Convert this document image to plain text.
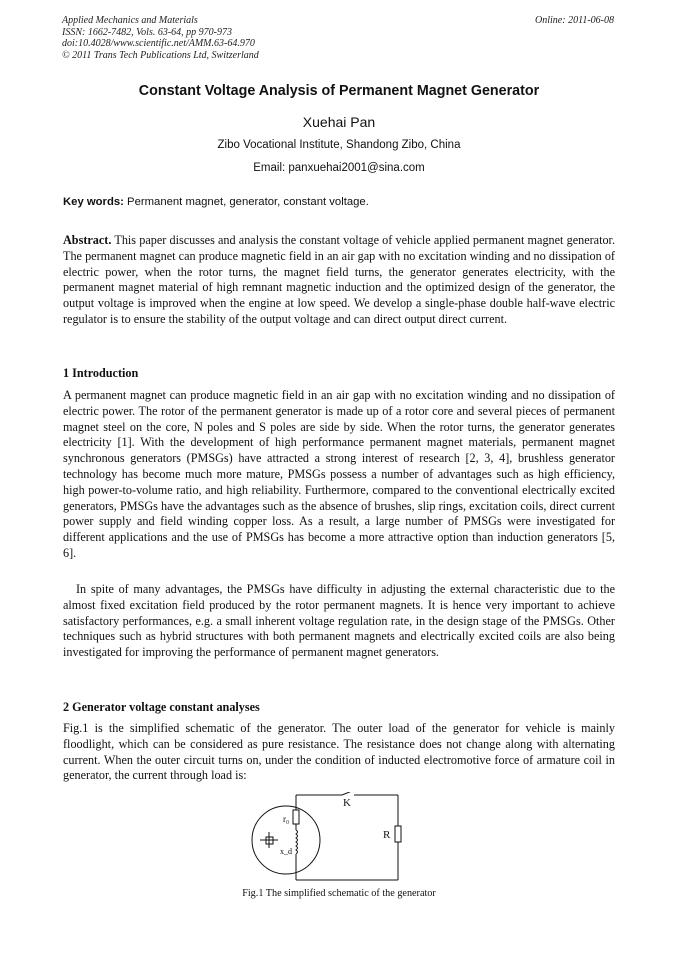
Applied Mechanics and Materials
ISSN: 1662-7482, Vols. 63-64, pp 970-973
doi:10.4028/www.scientific.net/AMM.63-64.970
© 2011 Trans Tech Publications Ltd, Switzerland
Online: 2011-06-08
Constant Voltage Analysis of Permanent Magnet Generator
Xuehai Pan
Zibo Vocational Institute, Shandong Zibo, China
Email: panxuehai2001@sina.com
Key words: Permanent magnet, generator, constant voltage.

Abstract. This paper discusses and analysis the constant voltage of vehicle applied permanent magnet generator. The permanent magnet can produce magnetic field in an air gap with no excitation winding and no dissipation of electric power, when the rotor turns, the magnet field turns, the generator generates electricity, with the permanent magnet material of high remnant magnetic induction and the optimized design of the generator, the output voltage is improved when the engine at low speed. We develop a single-phase double half-wave electric regulator is to ensure the stability of the output voltage and can direct output direct current.

1 Introduction

A permanent magnet can produce magnetic field in an air gap with no excitation winding and no dissipation of electric power. The rotor of the permanent generator is made up of a rotor core and several pieces of permanent magnet steel on the core, N poles and S poles are side by side. When the rotor turns, the generator generates electricity [1]. With the development of high performance permanent magnet materials, permanent magnet synchronous generators (PMSGs) have attracted a strong interest of research [2, 3, 4], brushless generator technology has become much more mature, PMSGs possess a number of advantages such as high efficiency, high power-to-volume ratio, and high reliability. Furthermore, compared to the conventional electrically excited generators, PMSGs have the advantages such as the absence of brushes, slip rings, excitation coils, direct current power supply and field winding copper loss. As a result, a large number of PMSGs were investigated for different applications and the use of PMSGs has become a more attractive option than induction generators [5, 6].

In spite of many advantages, the PMSGs have difficulty in adjusting the external characteristic due to the almost fixed excitation field produced by the rotor permanent magnets. It is hence very important to achieve satisfactory performances, e.g. a small inherent voltage regulation rate, in the design stage of the PMSGs. Other techniques such as hybrid structures with both permanent magnets and electrically excited coils are also being investigated for improving the performance of permanent magnet generators.

2 Generator voltage constant analyses

Fig.1 is the simplified schematic of the generator. The outer load of the generator for vehicle is mainly floodlight, which can be considered as pure resistance. The resistance does not change along with alternating current. When the outer circuit turns on, under the condition of inducted electromotive force of armature coil in generator, the current through load is:

r₀
x_d
K
R
Fig.1 The simplified schematic of the generator
